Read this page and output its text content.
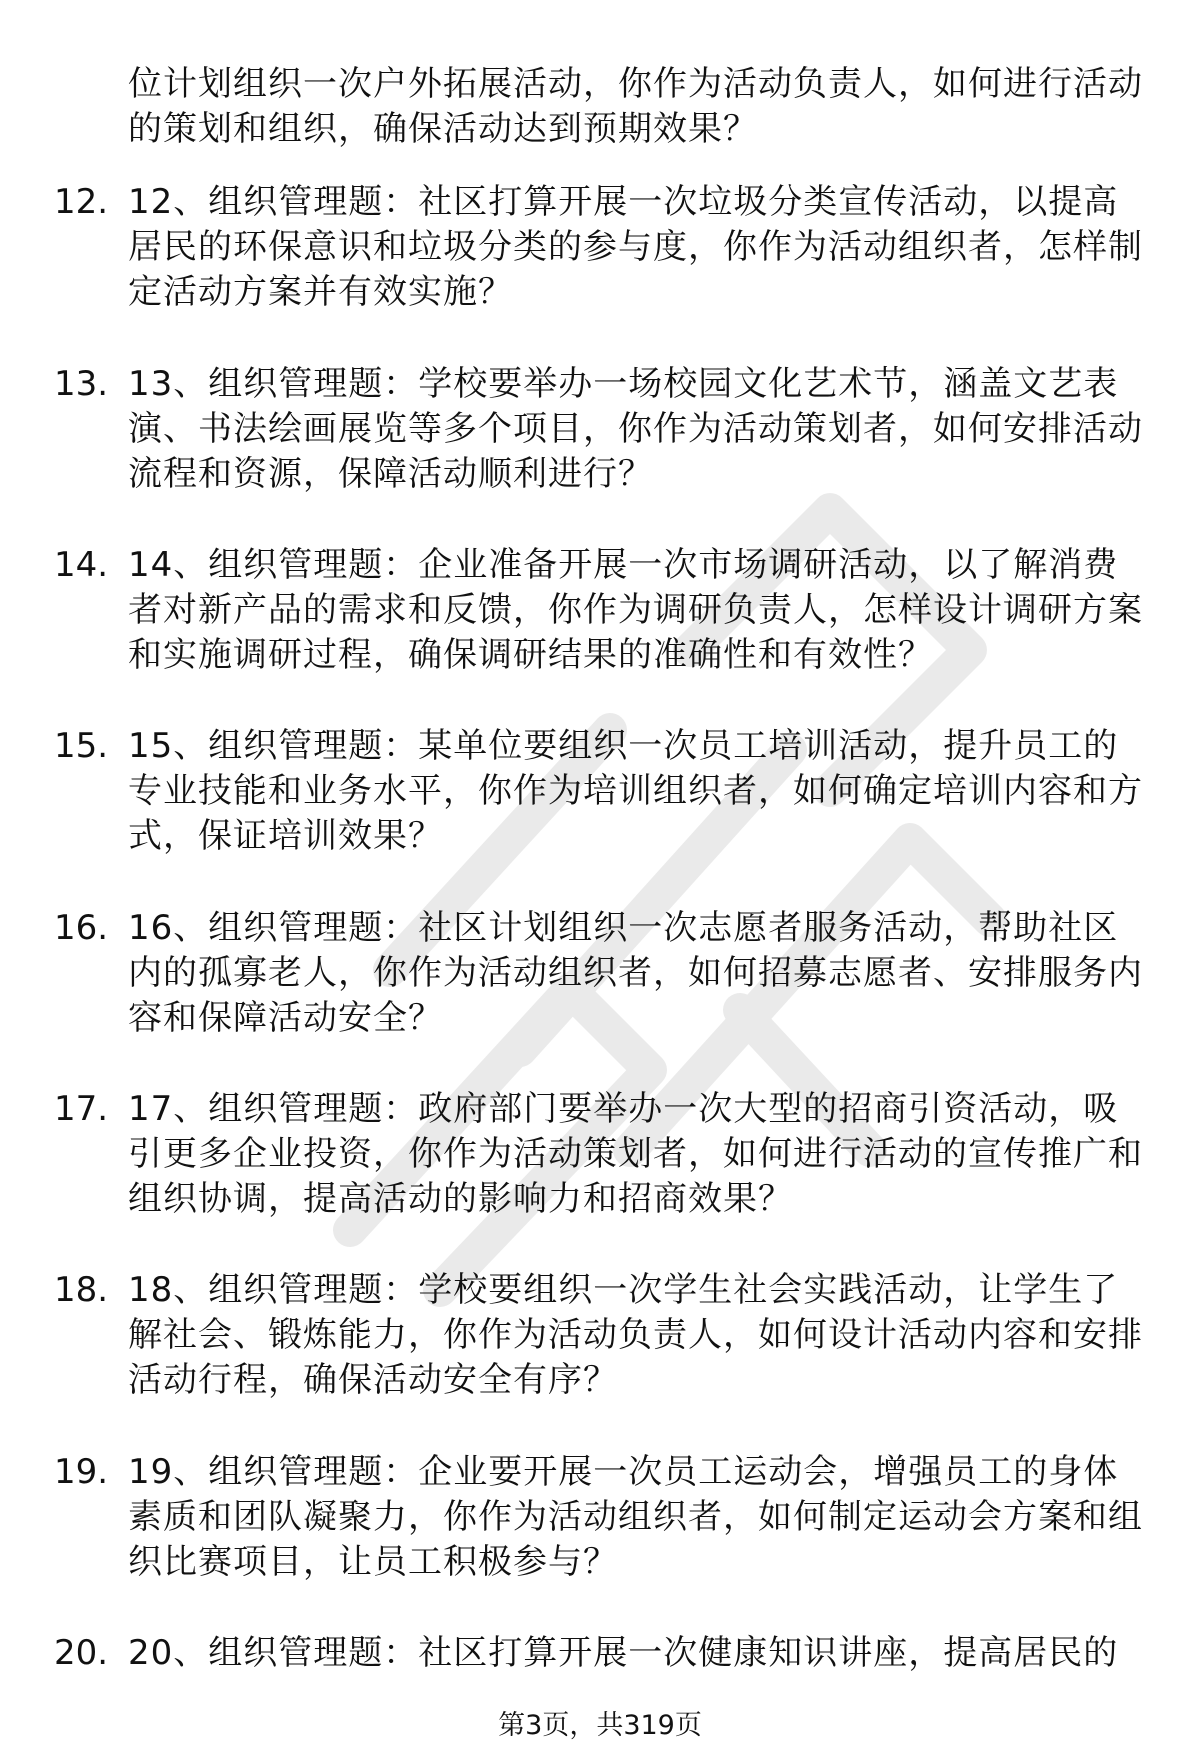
位计划组织一次户外拓展活动，你作为活动负责人，如何进行活动的策划和组织，确保活动达到预期效果？
12. 12、组织管理题：社区打算开展一次垃圾分类宣传活动，以提高居民的环保意识和垃圾分类的参与度，你作为活动组织者，怎样制定活动方案并有效实施？
13. 13、组织管理题：学校要举办一场校园文化艺术节，涵盖文艺表演、书法绘画展览等多个项目，你作为活动策划者，如何安排活动流程和资源，保障活动顺利进行？
14. 14、组织管理题：企业准备开展一次市场调研活动，以了解消费者对新产品的需求和反馈，你作为调研负责人，怎样设计调研方案和实施调研过程，确保调研结果的准确性和有效性？
15. 15、组织管理题：某单位要组织一次员工培训活动，提升员工的专业技能和业务水平，你作为培训组织者，如何确定培训内容和方式，保证培训效果？
16. 16、组织管理题：社区计划组织一次志愿者服务活动，帮助社区内的孤寡老人，你作为活动组织者，如何招募志愿者、安排服务内容和保障活动安全？
17. 17、组织管理题：政府部门要举办一次大型的招商引资活动，吸引更多企业投资，你作为活动策划者，如何进行活动的宣传推广和组织协调，提高活动的影响力和招商效果？
18. 18、组织管理题：学校要组织一次学生社会实践活动，让学生了解社会、锻炼能力，你作为活动负责人，如何设计活动内容和安排活动行程，确保活动安全有序？
19. 19、组织管理题：企业要开展一次员工运动会，增强员工的身体素质和团队凝聚力，你作为活动组织者，如何制定运动会方案和组织比赛项目，让员工积极参与？
20. 20、组织管理题：社区打算开展一次健康知识讲座，提高居民的
第3页，共319页
